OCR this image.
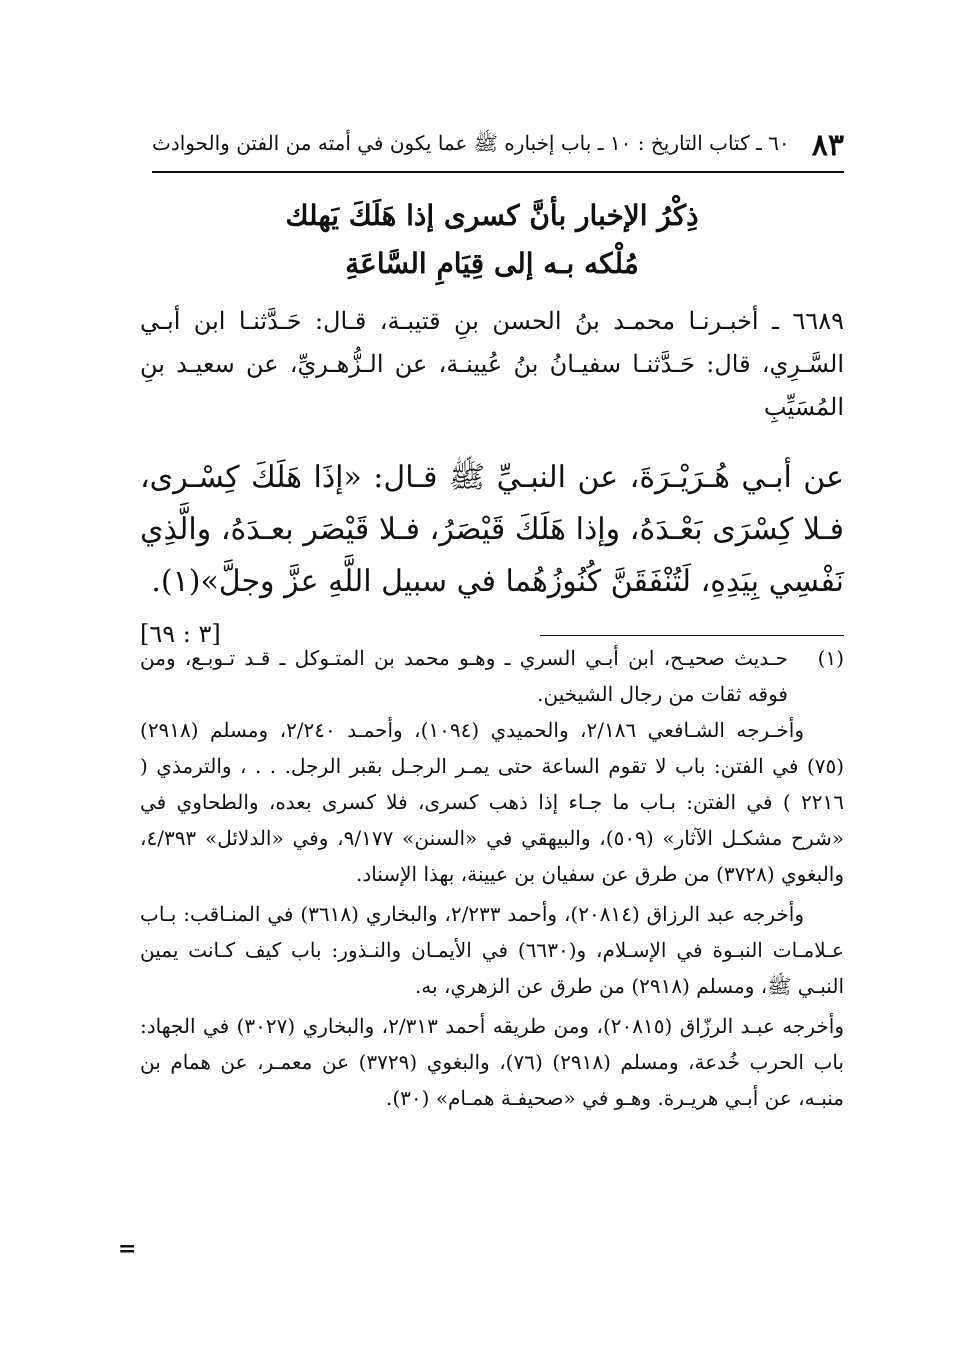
٦٠ ـ كتاب التاريخ : ١٠ ـ باب إخباره ﷺ عما يكون في أمته من الفتن والحوادث ٨٣
ذِكْرُ الإخبار بأنَّ كسرى إذا هَلَكَ يَهلك
مُلْكه بـه إلى قِيَامِ السَّاعَةِ
٦٦٨٩ ـ أخبـرنـا محمـد بنُ الحسن بنِ قتيبـة، قـال: حَـدَّثنـا ابن أبـي السَّـرِي، قال: حَـدَّثنـا سفيـانُ بنُ عُيينـة، عن الـزُّهـريِّ، عن سعيـد بنِ المُسَيِّبِ
عن أبـي هُـرَيْـرَةَ، عن النبـيِّ ﷺ قـال: «إذَا هَلَكَ كِسْـرى، فـلا كِسْرَى بَعْـدَهُ، وإذا هَلَكَ قَيْصَرُ، فـلا قَيْصَر بعـدَهُ، والَّذِي نَفْسِي بِيَدِهِ، لَتُنْفَقَنَّ كُنُوزُهُما في سبيل اللَّهِ عزَّ وجلَّ»(١).
[٣ : ٦٩]
(١)
حـديث صحيـح، ابن أبـي السري ـ وهـو محمد بن المتـوكل ـ قـد تـوبـع، ومن فوقه ثقات من رجال الشيخين.

وأخـرجه الشـافعي ٢/١٨٦، والحميدي (١٠٩٤)، وأحمـد ٢/٢٤٠، ومسلم (٢٩١٨) (٧٥) في الفتن: باب لا تقوم الساعة حتى يمـر الرجـل بقبر الرجل. . . ، والترمذي ( ٢٢١٦ ) في الفتن: بـاب ما جـاء إذا ذهب كسرى، فلا كسرى بعده، والطحاوي في «شرح مشكـل الآثار» (٥٠٩)، والبيهقي في «السنن» ٩/١٧٧، وفي «الدلائل» ٤/٣٩٣، والبغوي (٣٧٢٨) من طرق عن سفيان بن عيينة، بهذا الإسناد.

وأخرجه عبد الرزاق (٢٠٨١٤)، وأحمد ٢/٢٣٣، والبخاري (٣٦١٨) في المنـاقب: بـاب عـلامـات النبـوة في الإسـلام، و(٦٦٣٠) في الأيمـان والنـذور: باب كيف كـانت يمين النبـي ﷺ، ومسلم (٢٩١٨) من طرق عن الزهري، به.

وأخرجه عبـد الرزّاق (٢٠٨١٥)، ومن طريقه أحمد ٢/٣١٣، والبخاري (٣٠٢٧) في الجهاد: باب الحرب خُدعة، ومسلم (٢٩١٨) (٧٦)، والبغوي (٣٧٢٩) عن معمـر، عن همام بن منبـه، عن أبـي هريـرة. وهـو في «صحيفـة همـام» (٣٠).

=
